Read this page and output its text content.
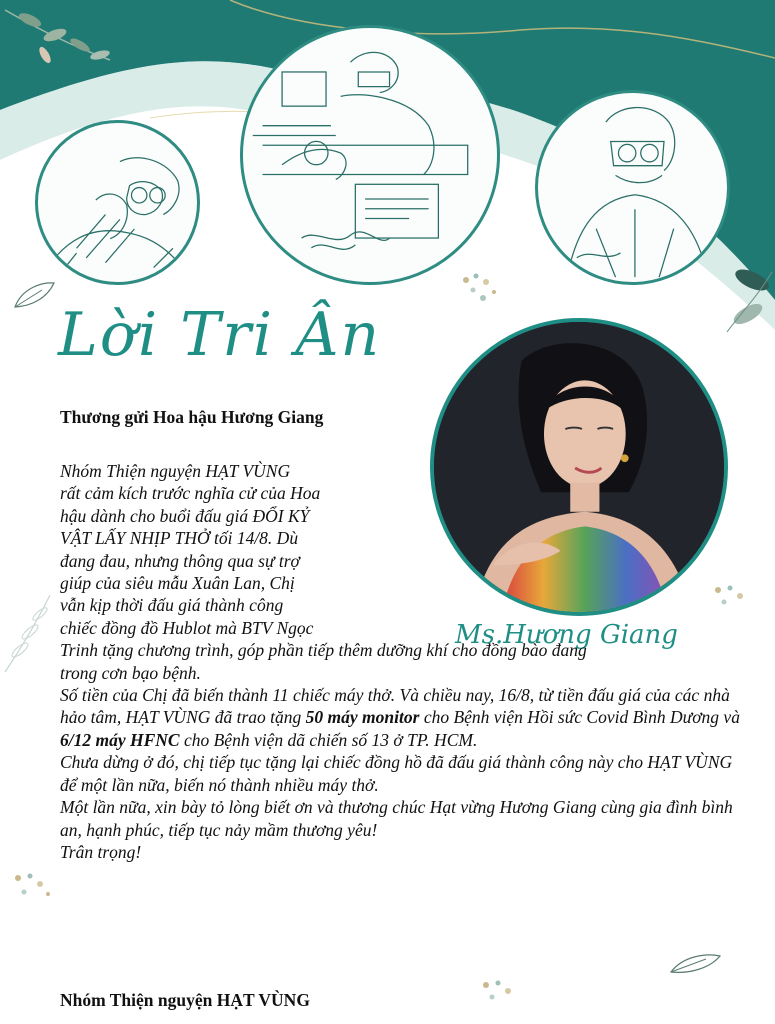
Lời Tri Ân
Thương gửi Hoa hậu Hương Giang
Ms.Hương Giang
Nhóm Thiện nguyện HẠT VÙNG
rất cảm kích trước nghĩa cử của Hoa
hậu dành cho buổi đấu giá ĐỔI KỶ
VẬT LẤY NHỊP THỞ tối 14/8. Dù
đang đau, nhưng thông qua sự trợ
giúp của siêu mẫu Xuân Lan, Chị
vẫn kịp thời đấu giá thành công
chiếc đồng đồ Hublot mà BTV Ngọc
Trinh tặng chương trình, góp phần tiếp thêm dưỡng khí cho đồng bào đang
trong cơn bạo bệnh.
Số tiền của Chị đã biến thành 11 chiếc máy thở. Và chiều nay, 16/8, từ tiền đấu giá của các nhà hảo tâm, HẠT VÙNG đã trao tặng 50 máy monitor cho Bệnh viện Hồi sức Covid Bình Dương và 6/12 máy HFNC cho Bệnh viện dã chiến số 13 ở TP. HCM.
Chưa dừng ở đó, chị tiếp tục tặng lại chiếc đồng hồ đã đấu giá thành công này cho HẠT VÙNG để một lần nữa, biến nó thành nhiều máy thở.
Một lần nữa, xin bày tỏ lòng biết ơn và thương chúc Hạt vừng Hương Giang cùng gia đình bình an, hạnh phúc, tiếp tục nảy mầm thương yêu!
Trân trọng!
Nhóm Thiện nguyện HẠT VÙNG
